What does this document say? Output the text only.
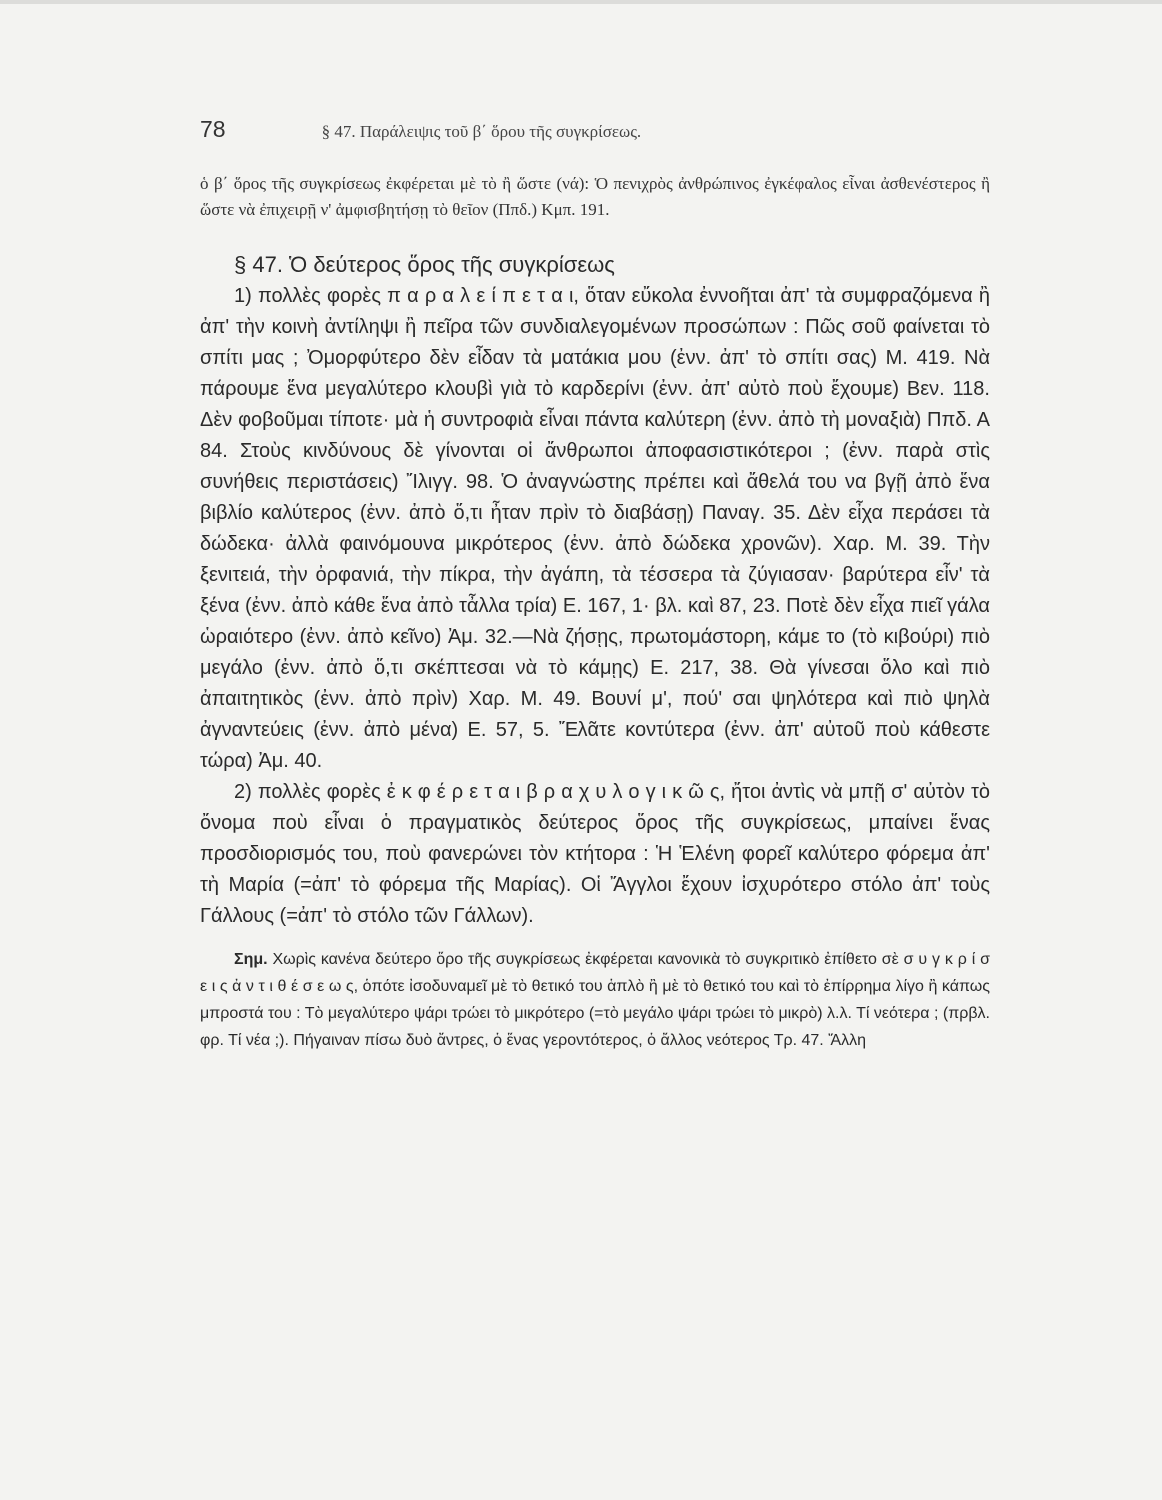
78	§ 47. Παράλειψις τοῦ β΄ ὅρου τῆς συγκρίσεως.

ὁ β΄ ὅρος τῆς συγκρίσεως ἐκφέρεται μὲ τὸ ἢ ὥστε (νά): Ὁ πενιχρὸς ἀνθρώπινος ἐγκέφαλος εἶναι ἀσθενέστερος ἢ ὥστε νὰ ἐπιχειρῇ ν' ἀμφισβητήσῃ τὸ θεῖον (Ππδ.) Κμπ. 191.

§ 47. Ὁ δεύτερος ὅρος τῆς συγκρίσεως

1) πολλὲς φορὲς π α ρ α λ ε ί π ε τ α ι, ὅταν εὔκολα ἐννοῆται ἀπ' τὰ συμφραζόμενα ἢ ἀπ' τὴν κοινὴ ἀντίληψι ἢ πεῖρα τῶν συνδιαλεγομένων προσώπων : Πῶς σοῦ φαίνεται τὸ σπίτι μας ; Ὀμορφύτερο δὲν εἶδαν τὰ ματάκια μου (ἐνν. ἀπ' τὸ σπίτι σας) Μ. 419. Νὰ πάρουμε ἕνα μεγαλύτερο κλουβὶ γιὰ τὸ καρδερίνι (ἐνν. ἀπ' αὐτὸ ποὺ ἔχουμε) Βεν. 118. Δὲν φοβοῦμαι τίποτε· μὰ ἡ συντροφιὰ εἶναι πάντα καλύτερη (ἐνν. ἀπὸ τὴ μοναξιὰ) Ππδ. Α 84. Στοὺς κινδύνους δὲ γίνονται οἱ ἄνθρωποι ἀποφασιστικότεροι ; (ἐνν. παρὰ στὶς συνήθεις περιστάσεις) Ἴλιγγ. 98. Ὁ ἀναγνώστης πρέπει καὶ ἄθελά του να βγῇ ἀπὸ ἕνα βιβλίο καλύτερος (ἐνν. ἀπὸ ὅ,τι ἦταν πρὶν τὸ διαβάσῃ) Παναγ. 35. Δὲν εἶχα περάσει τὰ δώδεκα· ἀλλὰ φαινόμουνα μικρότερος (ἐνν. ἀπὸ δώδεκα χρονῶν). Χαρ. Μ. 39. Τὴν ξενιτειά, τὴν ὀρφανιά, τὴν πίκρα, τὴν ἀγάπη, τὰ τέσσερα τὰ ζύγιασαν· βαρύτερα εἶν' τὰ ξένα (ἐνν. ἀπὸ κάθε ἕνα ἀπὸ τἆλλα τρία) Ε. 167, 1· βλ. καὶ 87, 23. Ποτὲ δὲν εἶχα πιεῖ γάλα ὡραιότερο (ἐνν. ἀπὸ κεῖνο) Ἀμ. 32.—Νὰ ζήσῃς, πρωτομάστορη, κάμε το (τὸ κιβούρι) πιὸ μεγάλο (ἐνν. ἀπὸ ὅ,τι σκέπτεσαι νὰ τὸ κάμῃς) Ε. 217, 38. Θὰ γίνεσαι ὅλο καὶ πιὸ ἀπαιτητικὸς (ἐνν. ἀπὸ πρὶν) Χαρ. Μ. 49. Βουνί μ', πού' σαι ψηλότερα καὶ πιὸ ψηλὰ ἀγναντεύεις (ἐνν. ἀπὸ μένα) Ε. 57, 5. Ἔλᾶτε κοντύτερα (ἐνν. ἀπ' αὐτοῦ ποὺ κάθεστε τώρα) Ἀμ. 40.

2) πολλὲς φορὲς ἐ κ φ έ ρ ε τ α ι β ρ α χ υ λ ο γ ι κ ῶ ς, ἤτοι ἀντὶς νὰ μπῇ σ' αὐτὸν τὸ ὄνομα ποὺ εἶναι ὁ πραγματικὸς δεύτερος ὅρος τῆς συγκρίσεως, μπαίνει ἕνας προσδιορισμός του, ποὺ φανερώνει τὸν κτήτορα : Ἡ Ἑλένη φορεῖ καλύτερο φόρεμα ἀπ' τὴ Μαρία (=ἀπ' τὸ φόρεμα τῆς Μαρίας). Οἱ Ἄγγλοι ἔχουν ἰσχυρότερο στόλο ἀπ' τοὺς Γάλλους (=ἀπ' τὸ στόλο τῶν Γάλλων).

Σημ. Χωρὶς κανένα δεύτερο ὅρο τῆς συγκρίσεως ἐκφέρεται κανονικὰ τὸ συγκριτικὸ ἐπίθετο σὲ σ υ γ κ ρ ί σ ε ι ς ἀ ν τ ι θ έ σ ε ω ς, ὁπότε ἰσοδυναμεῖ μὲ τὸ θετικό του ἁπλὸ ἢ μὲ τὸ θετικό του καὶ τὸ ἐπίρρημα λίγο ἢ κάπως μπροστά του : Τὸ μεγαλύτερο ψάρι τρώει τὸ μικρότερο (=τὸ μεγάλο ψάρι τρώει τὸ μικρὸ) λ.λ. Τί νεότερα ; (πρβλ. φρ. Τί νέα ;). Πήγαιναν πίσω δυὸ ἄντρες, ὁ ἕνας γεροντότερος, ὁ ἄλλος νεότερος Τρ. 47. Ἄλλη
